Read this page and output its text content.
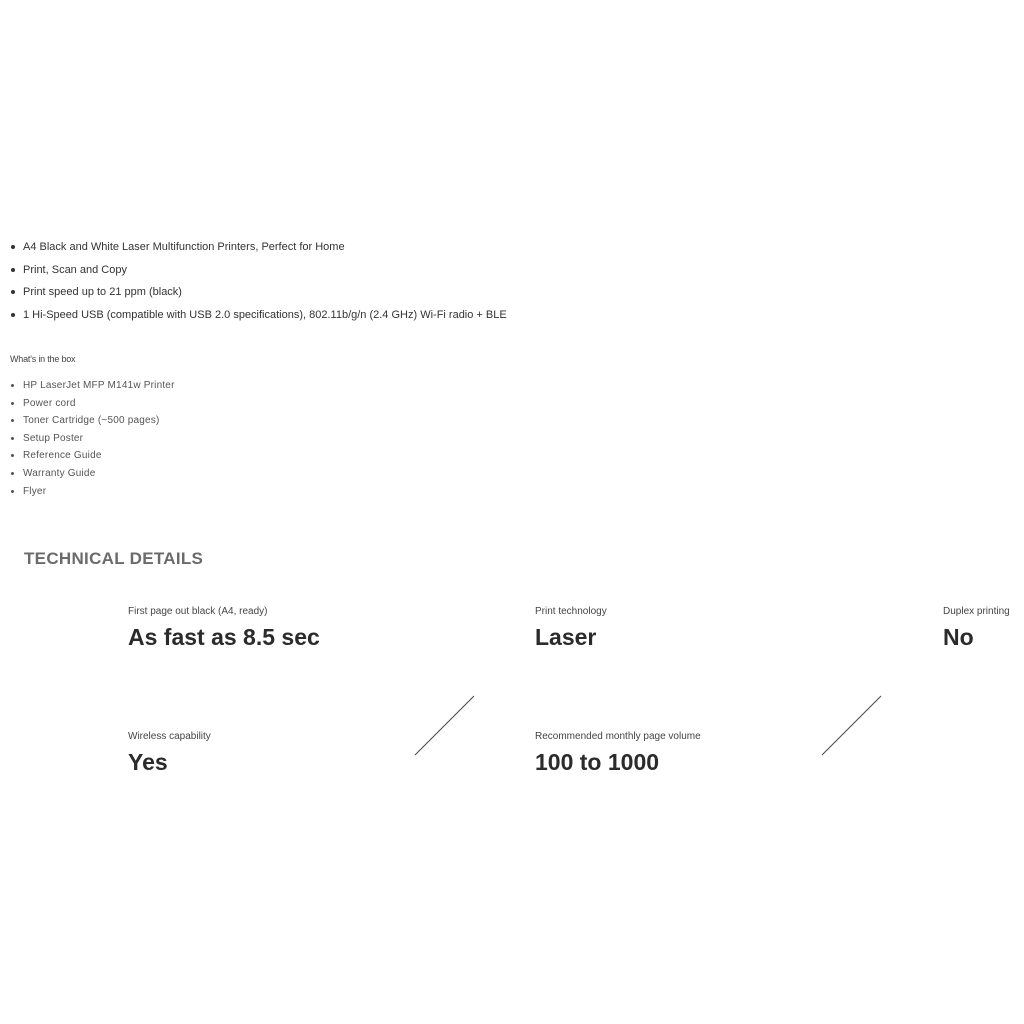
A4 Black and White Laser Multifunction Printers, Perfect for Home
Print, Scan and Copy
Print speed up to 21 ppm (black)
1 Hi-Speed USB (compatible with USB 2.0 specifications), 802.11b/g/n (2.4 GHz) Wi-Fi radio + BLE
What's in the box
HP LaserJet MFP M141w Printer
Power cord
Toner Cartridge (~500 pages)
Setup Poster
Reference Guide
Warranty Guide
Flyer
TECHNICAL DETAILS
First page out black (A4, ready)
As fast as 8.5 sec
Print technology
Laser
Duplex printing
No
Wireless capability
Yes
Recommended monthly page volume
100 to 1000
